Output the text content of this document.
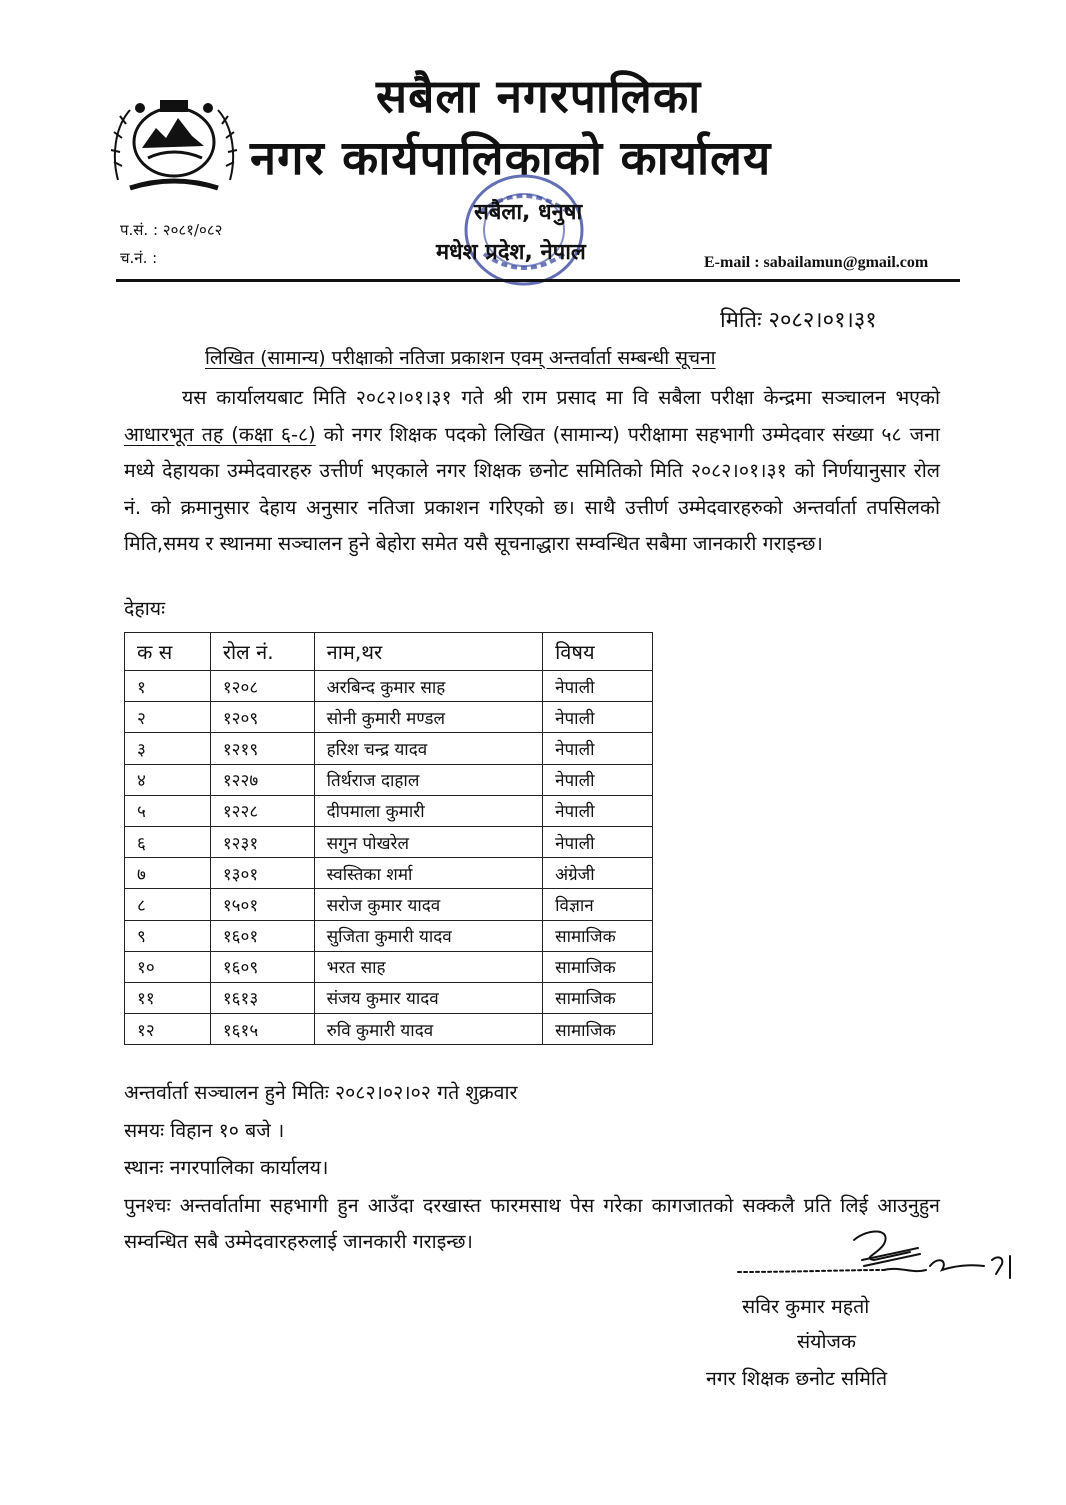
सबैला नगरपालिका
नगर कार्यपालिकाको कार्यालय
प.सं. : २०८१/०८२
च.नं. :
सबैला, धनुषा
मधेश प्रदेश, नेपाल	E-mail : sabailamun@gmail.com
मितिः २०८२।०१।३१
लिखित (सामान्य) परीक्षाको नतिजा प्रकाशन एवम् अन्तर्वार्ता सम्बन्धी सूचना

यस कार्यालयबाट मिति २०८२।०१।३१ गते श्री राम प्रसाद मा वि सबैला परीक्षा केन्द्रमा सञ्चालन भएको आधारभूत तह (कक्षा ६-८) को नगर शिक्षक पदको लिखित (सामान्य) परीक्षामा सहभागी उम्मेदवार संख्या ५८ जना मध्ये देहायका उम्मेदवारहरु उत्तीर्ण भएकाले नगर शिक्षक छनोट समितिको मिति २०८२।०१।३१ को निर्णयानुसार रोल नं. को क्रमानुसार देहाय अनुसार नतिजा प्रकाशन गरिएको छ। साथै उत्तीर्ण उम्मेदवारहरुको अन्तर्वार्ता तपसिलको मिति,समय र स्थानमा सञ्चालन हुने बेहोरा समेत यसै सूचनाद्धारा सम्वन्धित सबैमा जानकारी गराइन्छ।

देहायः
क स	रोल नं.	नाम,थर	विषय
१	१२०८	अरबिन्द कुमार साह	नेपाली
२	१२०९	सोनी कुमारी मण्डल	नेपाली
३	१२१९	हरिश चन्द्र यादव	नेपाली
४	१२२७	तिर्थराज दाहाल	नेपाली
५	१२२८	दीपमाला कुमारी	नेपाली
६	१२३१	सगुन पोखरेल	नेपाली
७	१३०१	स्वस्तिका शर्मा	अंग्रेजी
८	१५०१	सरोज कुमार यादव	विज्ञान
९	१६०१	सुजिता कुमारी यादव	सामाजिक
१०	१६०९	भरत साह	सामाजिक
११	१६१३	संजय कुमार यादव	सामाजिक
१२	१६१५	रुवि कुमारी यादव	सामाजिक
अन्तर्वार्ता सञ्चालन हुने मितिः २०८२।०२।०२ गते शुक्रवार
समयः विहान १० बजे ।
स्थानः नगरपालिका कार्यालय।

पुनश्चः अन्तर्वार्तामा सहभागी हुन आउँदा दरखास्त फारमसाथ पेस गरेका कागजातको सक्कलै प्रति लिई आउनुहुन सम्वन्धित सबै उम्मेदवारहरुलाई जानकारी गराइन्छ।

सविर कुमार महतो
संयोजक
नगर शिक्षक छनोट समिति
